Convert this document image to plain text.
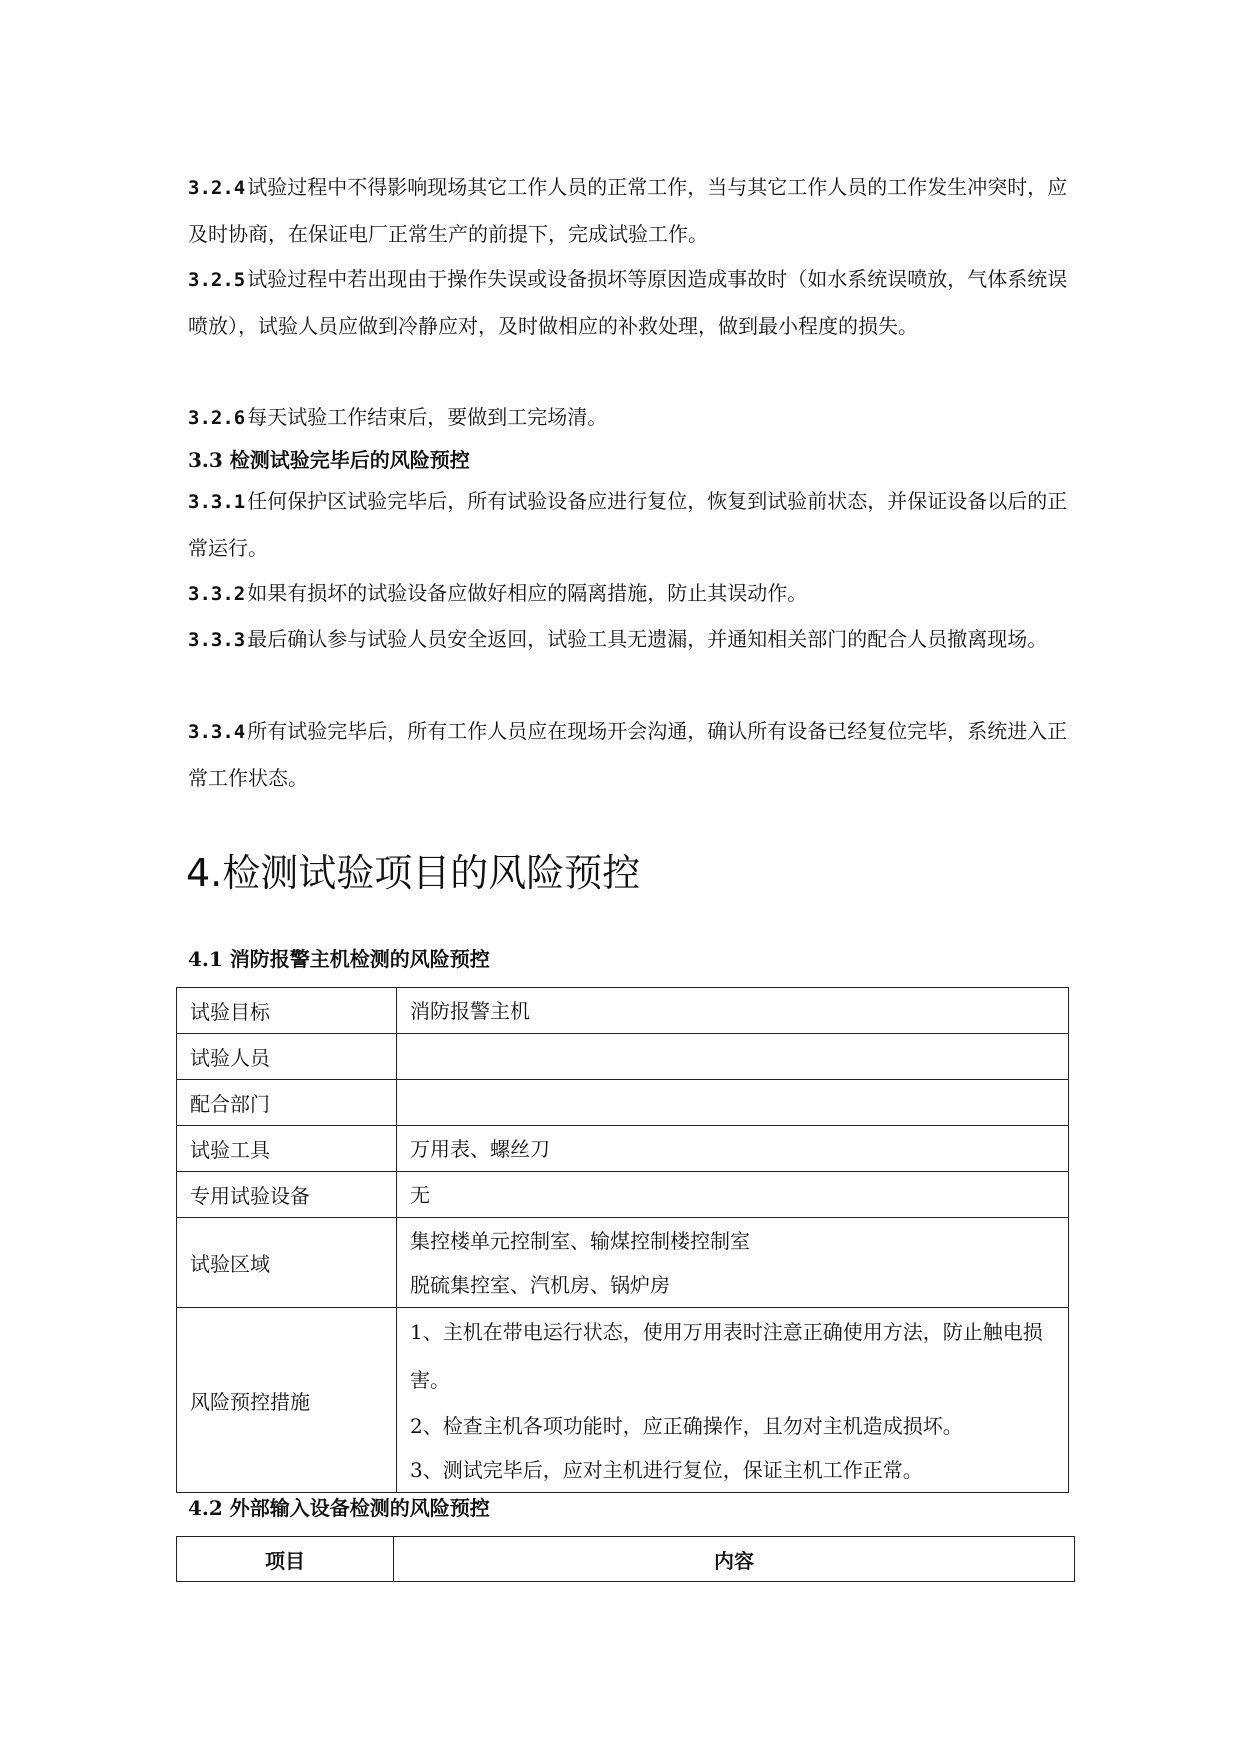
3.2.4 试验过程中不得影响现场其它工作人员的正常工作，当与其它工作人员的工作发生冲突时，应及时协商，在保证电厂正常生产的前提下，完成试验工作。

3.2.5 试验过程中若出现由于操作失误或设备损坏等原因造成事故时（如水系统误喷放，气体系统误喷放），试验人员应做到冷静应对，及时做相应的补救处理，做到最小程度的损失。

3.2.6 每天试验工作结束后，要做到工完场清。

3.3 检测试验完毕后的风险预控

3.3.1 任何保护区试验完毕后，所有试验设备应进行复位，恢复到试验前状态，并保证设备以后的正常运行。

3.3.2 如果有损坏的试验设备应做好相应的隔离措施，防止其误动作。

3.3.3 最后确认参与试验人员安全返回，试验工具无遗漏，并通知相关部门的配合人员撤离现场。

3.3.4 所有试验完毕后，所有工作人员应在现场开会沟通，确认所有设备已经复位完毕，系统进入正常工作状态。

4.检测试验项目的风险预控
4.1 消防报警主机检测的风险预控
试验目标	消防报警主机

试验人员	
配合部门	
试验工具	万用表、螺丝刀

专用试验设备	无

试验区域	集控楼单元控制室、输煤控制楼控制室
脱硫集控室、汽机房、锅炉房

风险预控措施	1、主机在带电运行状态，使用万用表时注意正确使用方法，防止触电损害。
2、检查主机各项功能时，应正确操作，且勿对主机造成损坏。
3、测试完毕后，应对主机进行复位，保证主机工作正常。
4.2 外部输入设备检测的风险预控
项目	内容
